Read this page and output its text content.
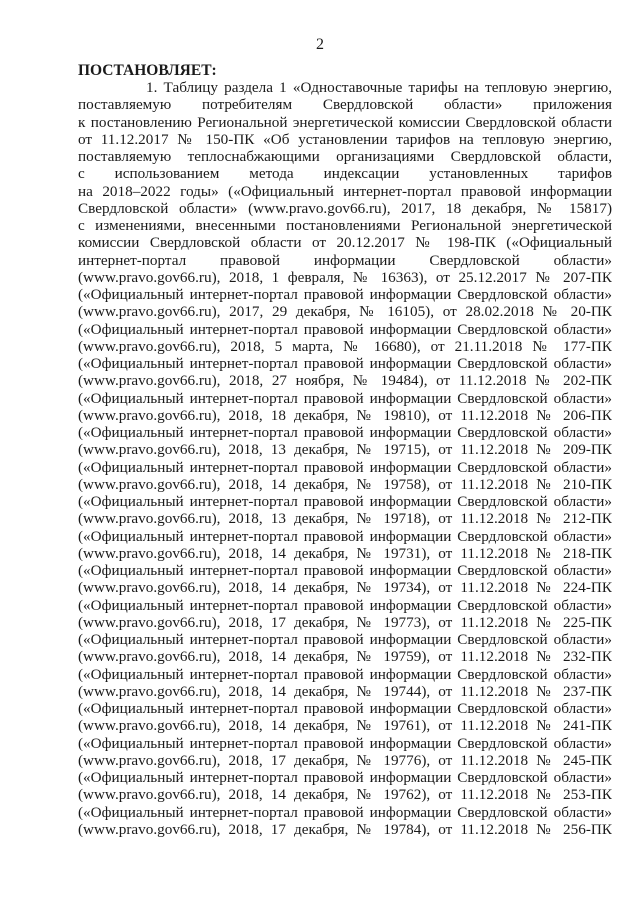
2
ПОСТАНОВЛЯЕТ:
1. Таблицу раздела 1 «Одноставочные тарифы на тепловую энергию,
поставляемую потребителям Свердловской области» приложения
к постановлению Региональной энергетической комиссии Свердловской области
от 11.12.2017 № 150-ПК «Об установлении тарифов на тепловую энергию,
поставляемую теплоснабжающими организациями Свердловской области,
с использованием метода индексации установленных тарифов
на 2018–2022 годы» («Официальный интернет-портал правовой информации
Свердловской области» (www.pravo.gov66.ru), 2017, 18 декабря, № 15817)
с изменениями, внесенными постановлениями Региональной энергетической
комиссии Свердловской области от 20.12.2017 № 198-ПК («Официальный
интернет-портал правовой информации Свердловской области»
(www.pravo.gov66.ru), 2018, 1 февраля, № 16363), от 25.12.2017 № 207-ПК
(«Официальный интернет-портал правовой информации Свердловской области»
(www.pravo.gov66.ru), 2017, 29 декабря, № 16105), от 28.02.2018 № 20-ПК
(«Официальный интернет-портал правовой информации Свердловской области»
(www.pravo.gov66.ru), 2018, 5 марта, № 16680), от 21.11.2018 № 177-ПК
(«Официальный интернет-портал правовой информации Свердловской области»
(www.pravo.gov66.ru), 2018, 27 ноября, № 19484), от 11.12.2018 № 202-ПК
(«Официальный интернет-портал правовой информации Свердловской области»
(www.pravo.gov66.ru), 2018, 18 декабря, № 19810), от 11.12.2018 № 206-ПК
(«Официальный интернет-портал правовой информации Свердловской области»
(www.pravo.gov66.ru), 2018, 13 декабря, № 19715), от 11.12.2018 № 209-ПК
(«Официальный интернет-портал правовой информации Свердловской области»
(www.pravo.gov66.ru), 2018, 14 декабря, № 19758), от 11.12.2018 № 210-ПК
(«Официальный интернет-портал правовой информации Свердловской области»
(www.pravo.gov66.ru), 2018, 13 декабря, № 19718), от 11.12.2018 № 212-ПК
(«Официальный интернет-портал правовой информации Свердловской области»
(www.pravo.gov66.ru), 2018, 14 декабря, № 19731), от 11.12.2018 № 218-ПК
(«Официальный интернет-портал правовой информации Свердловской области»
(www.pravo.gov66.ru), 2018, 14 декабря, № 19734), от 11.12.2018 № 224-ПК
(«Официальный интернет-портал правовой информации Свердловской области»
(www.pravo.gov66.ru), 2018, 17 декабря, № 19773), от 11.12.2018 № 225-ПК
(«Официальный интернет-портал правовой информации Свердловской области»
(www.pravo.gov66.ru), 2018, 14 декабря, № 19759), от 11.12.2018 № 232-ПК
(«Официальный интернет-портал правовой информации Свердловской области»
(www.pravo.gov66.ru), 2018, 14 декабря, № 19744), от 11.12.2018 № 237-ПК
(«Официальный интернет-портал правовой информации Свердловской области»
(www.pravo.gov66.ru), 2018, 14 декабря, № 19761), от 11.12.2018 № 241-ПК
(«Официальный интернет-портал правовой информации Свердловской области»
(www.pravo.gov66.ru), 2018, 17 декабря, № 19776), от 11.12.2018 № 245-ПК
(«Официальный интернет-портал правовой информации Свердловской области»
(www.pravo.gov66.ru), 2018, 14 декабря, № 19762), от 11.12.2018 № 253-ПК
(«Официальный интернет-портал правовой информации Свердловской области»
(www.pravo.gov66.ru), 2018, 17 декабря, № 19784), от 11.12.2018 № 256-ПК
